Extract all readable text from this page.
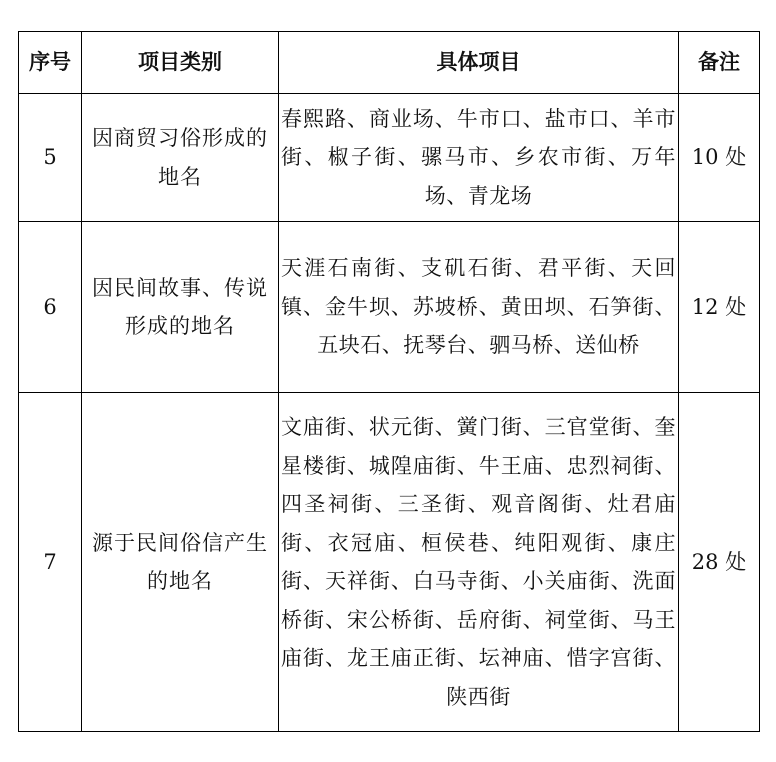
序号	项目类别	具体项目	备注
5	因商贸习俗形成的地名	春熙路、商业场、牛市口、盐市口、羊市街、椒子街、骡马市、乡农市街、万年场、青龙场	10 处
6	因民间故事、传说形成的地名	天涯石南街、支矶石街、君平街、天回镇、金牛坝、苏坡桥、黄田坝、石笋街、五块石、抚琴台、驷马桥、送仙桥	12 处
7	源于民间俗信产生的地名	文庙街、状元街、黉门街、三官堂街、奎星楼街、城隍庙街、牛王庙、忠烈祠街、四圣祠街、三圣街、观音阁街、灶君庙街、衣冠庙、桓侯巷、纯阳观街、康庄街、天祥街、白马寺街、小关庙街、洗面桥街、宋公桥街、岳府街、祠堂街、马王庙街、龙王庙正街、坛神庙、惜字宫街、陕西街	28 处
